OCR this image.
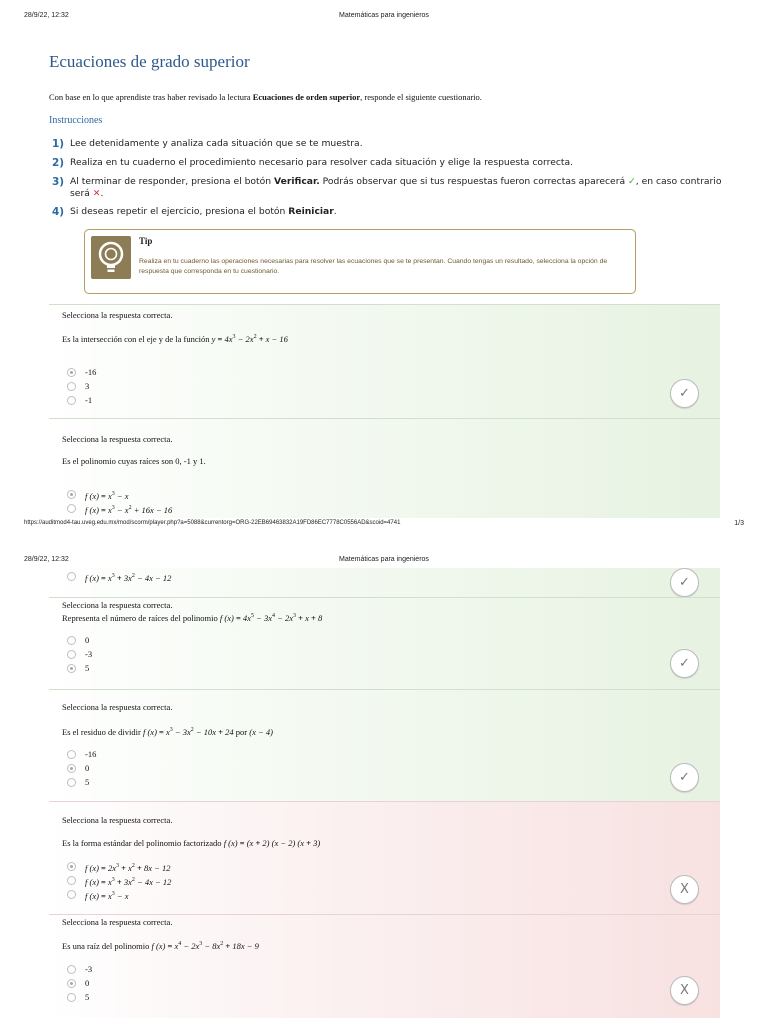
28/9/22, 12:32	Matemáticas para ingenieros
Ecuaciones de grado superior
Con base en lo que aprendiste tras haber revisado la lectura Ecuaciones de orden superior, responde el siguiente cuestionario.
Instrucciones
1) Lee detenidamente y analiza cada situación que se te muestra.
2) Realiza en tu cuaderno el procedimiento necesario para resolver cada situación y elige la respuesta correcta.
3) Al terminar de responder, presiona el botón Verificar. Podrás observar que si tus respuestas fueron correctas aparecerá ✓, en caso contrario será ✕.
4) Si deseas repetir el ejercicio, presiona el botón Reiniciar.
Tip
Realiza en tu cuaderno las operaciones necesarias para resolver las ecuaciones que se te presentan. Cuando tengas un resultado, selecciona la opción de respuesta que corresponda en tu cuestionario.
Selecciona la respuesta correcta.
Es la intersección con el eje y de la función $y = 4x^3 - 2x^2 + x - 16$
-16
3
-1	✓
Selecciona la respuesta correcta.
Es el polinomio cuyas raíces son 0, -1 y 1.
f $(x) = x^3 - x$
f $(x) = x^3 - x^2 + 16x - 16$
https://auditmod4-tau.uveg.edu.mx/mod/scorm/player.php?a=5088&currentorg=ORG-22EB69463832A19FD86EC7778C0556AD&scoid=4741	1/3
28/9/22, 12:32	Matemáticas para ingenieros
f $(x) = x^3 + 3x^2 - 4x - 12$	✓
Selecciona la respuesta correcta.
Representa el número de raíces del polinomio f $(x) = 4x^5 - 3x^4 - 2x^3 + x + 8$
0
-3
5	✓
Selecciona la respuesta correcta.
Es el residuo de dividir f $(x) = x^3 - 3x^2 - 10x + 24$ por (x − 4)
-16
0
5	✓
Selecciona la respuesta correcta.
Es la forma estándar del polinomio factorizado f (x) = (x + 2) (x − 2) (x + 3)
f $(x) = 2x^3 + x^2 + 8x - 12$
f $(x) = x^3 + 3x^2 - 4x - 12$
f $(x) = x^3 - x$	X
Selecciona la respuesta correcta.
Es una raíz del polinomio f $(x) = x^4 - 2x^3 - 8x^2 + 18x - 9$
-3
0
5	X
